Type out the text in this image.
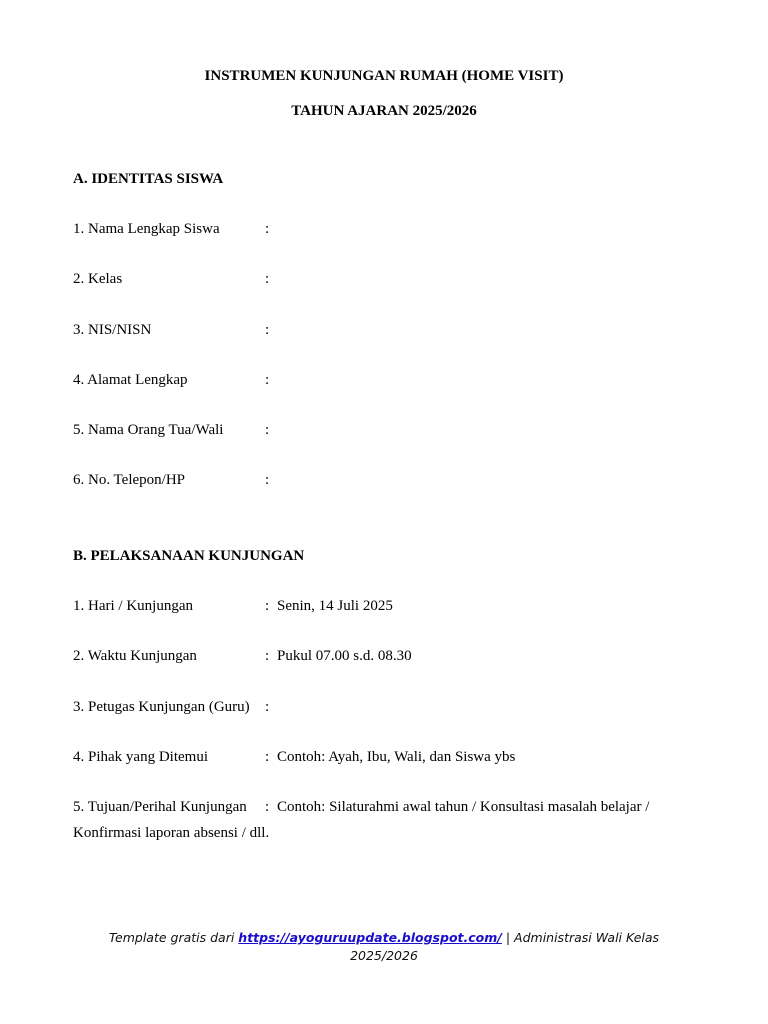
INSTRUMEN KUNJUNGAN RUMAH (HOME VISIT)
TAHUN AJARAN 2025/2026
A. IDENTITAS SISWA
1. Nama Lengkap Siswa	:
2. Kelas	:
3. NIS/NISN	:
4. Alamat Lengkap	:
5. Nama Orang Tua/Wali	:
6. No. Telepon/HP	:
B. PELAKSANAAN KUNJUNGAN
1. Hari / Kunjungan	: Senin, 14 Juli 2025
2. Waktu Kunjungan	: Pukul 07.00 s.d. 08.30
3. Petugas Kunjungan (Guru) :
4. Pihak yang Ditemui	: Contoh: Ayah, Ibu, Wali, dan Siswa ybs
5. Tujuan/Perihal Kunjungan : Contoh: Silaturahmi awal tahun / Konsultasi masalah belajar /
Konfirmasi laporan absensi / dll.
Template gratis dari https://ayoguruupdate.blogspot.com/ | Administrasi Wali Kelas
2025/2026
